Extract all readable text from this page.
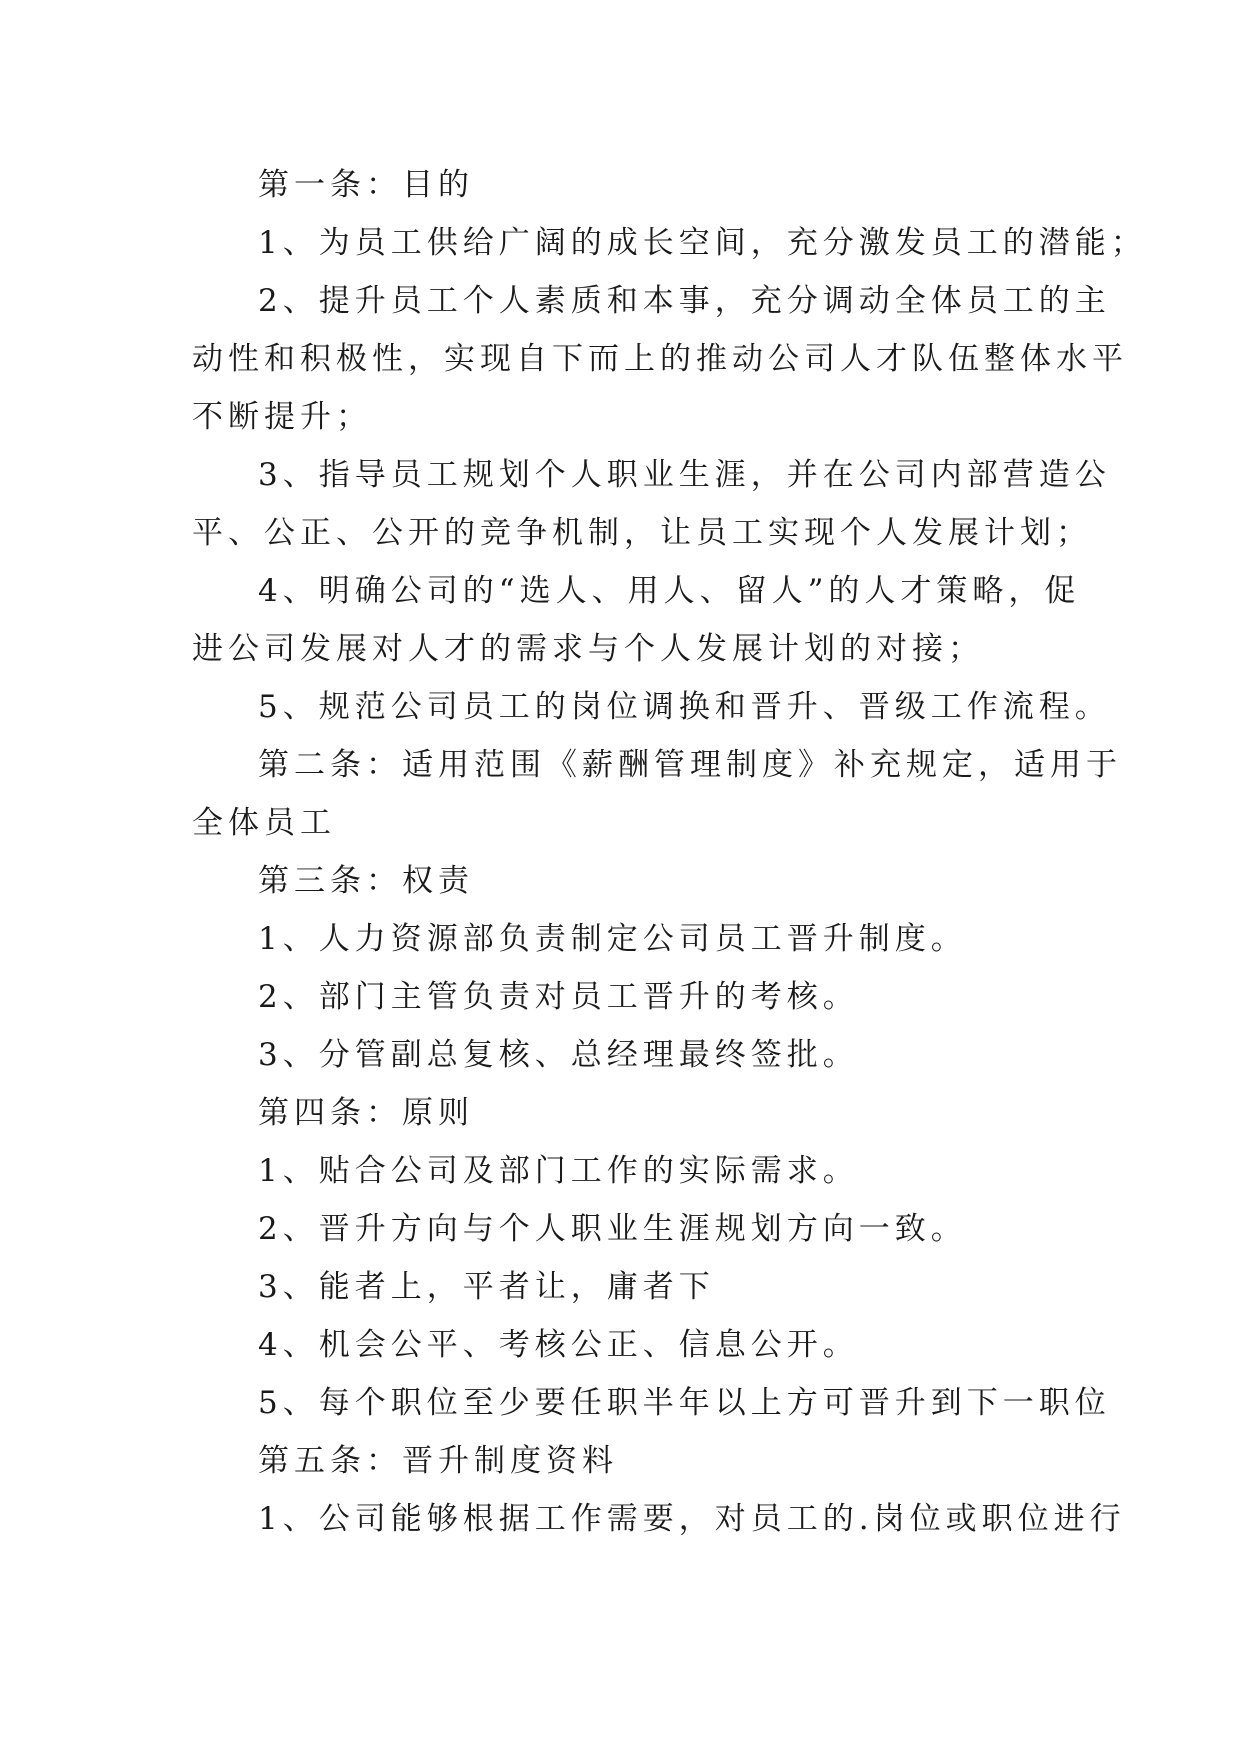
第一条：目的
1、为员工供给广阔的成长空间，充分激发员工的潜能；
2、提升员工个人素质和本事，充分调动全体员工的主
动性和积极性，实现自下而上的推动公司人才队伍整体水平
不断提升；
3、指导员工规划个人职业生涯，并在公司内部营造公
平、公正、公开的竞争机制，让员工实现个人发展计划；
4、明确公司的“选人、用人、留人”的人才策略，促
进公司发展对人才的需求与个人发展计划的对接；
5、规范公司员工的岗位调换和晋升、晋级工作流程。
第二条：适用范围《薪酬管理制度》补充规定，适用于
全体员工
第三条：权责
1、人力资源部负责制定公司员工晋升制度。
2、部门主管负责对员工晋升的考核。
3、分管副总复核、总经理最终签批。
第四条：原则
1、贴合公司及部门工作的实际需求。
2、晋升方向与个人职业生涯规划方向一致。
3、能者上，平者让，庸者下
4、机会公平、考核公正、信息公开。
5、每个职位至少要任职半年以上方可晋升到下一职位
第五条：晋升制度资料
1、公司能够根据工作需要，对员工的.岗位或职位进行
